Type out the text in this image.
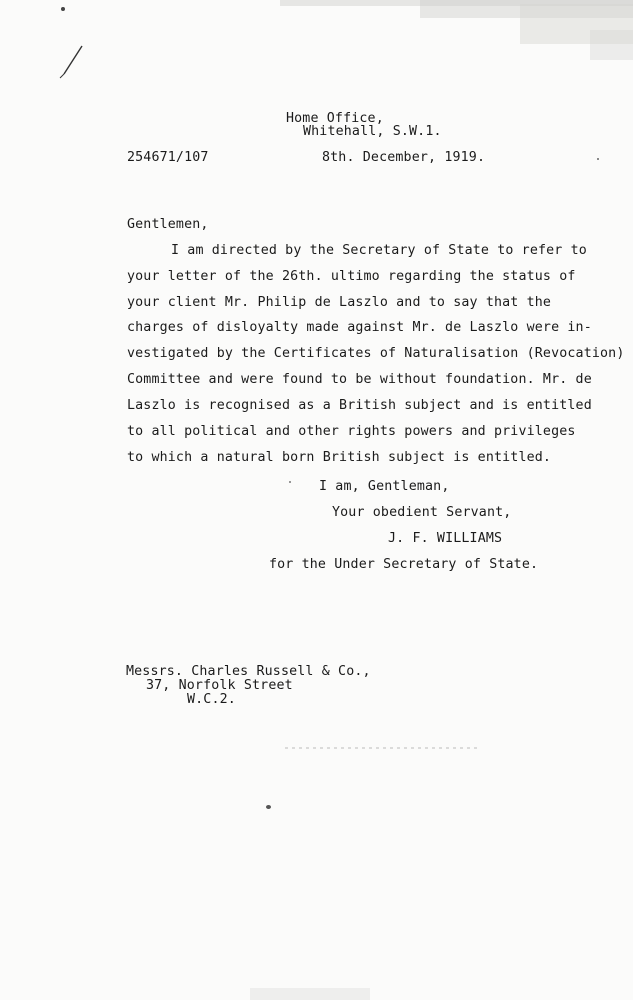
Home Office,
Whitehall, S.W.1.
254671/107	8th. December, 1919.
Gentlemen,
I am directed by the Secretary of State to refer to
your letter of the 26th. ultimo regarding the status of
your client Mr. Philip de Laszlo and to say that the
charges of disloyalty made against Mr. de Laszlo were in-
vestigated by the Certificates of Naturalisation (Revocation)
Committee and were found to be without foundation. Mr. de
Laszlo is recognised as a British subject and is entitled
to all political and other rights powers and privileges
to which a natural born British subject is entitled.
I am, Gentleman,
Your obedient Servant,
J. F. WILLIAMS
for the Under Secretary of State.
Messrs. Charles Russell & Co.,
37, Norfolk Street
W.C.2.
